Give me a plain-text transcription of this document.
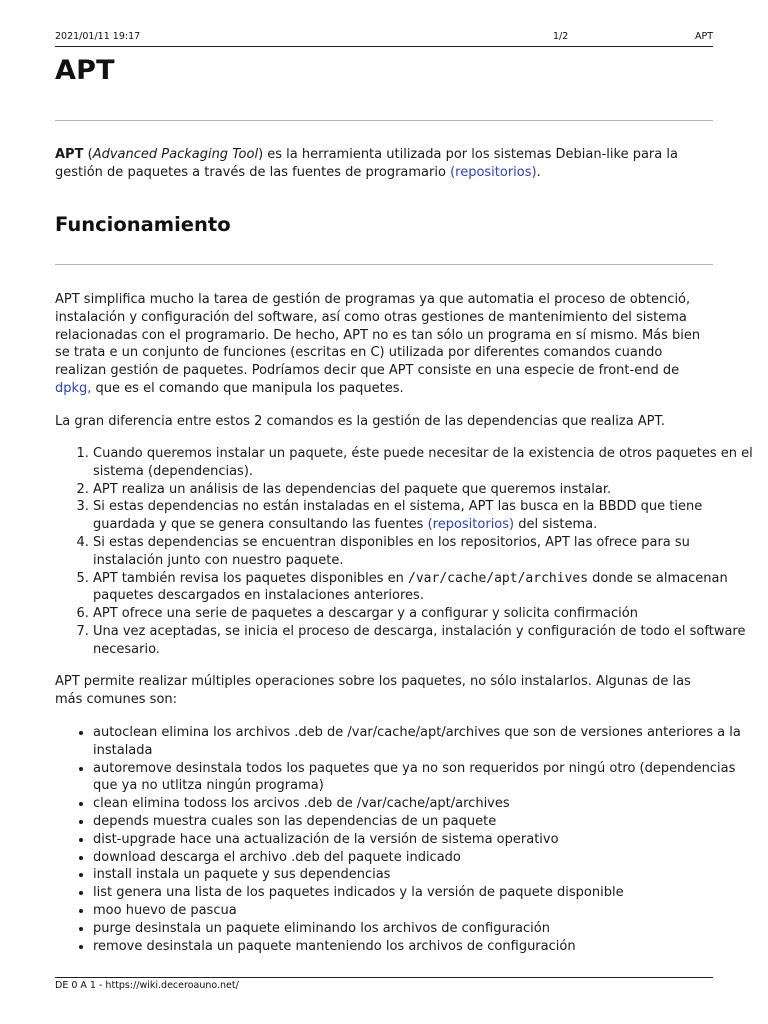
2021/01/11 19:17	1/2	APT
APT

APT (Advanced Packaging Tool) es la herramienta utilizada por los sistemas Debian-like para la gestión de paquetes a través de las fuentes de programario (repositorios).

Funcionamiento

APT simplifica mucho la tarea de gestión de programas ya que automatia el proceso de obtenció, instalación y configuración del software, así como otras gestiones de mantenimiento del sistema relacionadas con el programario. De hecho, APT no es tan sólo un programa en sí mismo. Más bien se trata e un conjunto de funciones (escritas en C) utilizada por diferentes comandos cuando realizan gestión de paquetes. Podríamos decir que APT consiste en una especie de front-end de dpkg, que es el comando que manipula los paquetes.

La gran diferencia entre estos 2 comandos es la gestión de las dependencias que realiza APT.

1. Cuando queremos instalar un paquete, éste puede necesitar de la existencia de otros paquetes en el sistema (dependencias).
2. APT realiza un análisis de las dependencias del paquete que queremos instalar.
3. Si estas dependencias no están instaladas en el sistema, APT las busca en la BBDD que tiene guardada y que se genera consultando las fuentes (repositorios) del sistema.
4. Si estas dependencias se encuentran disponibles en los repositorios, APT las ofrece para su instalación junto con nuestro paquete.
5. APT también revisa los paquetes disponibles en /var/cache/apt/archives donde se almacenan paquetes descargados en instalaciones anteriores.
6. APT ofrece una serie de paquetes a descargar y a configurar y solicita confirmación
7. Una vez aceptadas, se inicia el proceso de descarga, instalación y configuración de todo el software necesario.

APT permite realizar múltiples operaciones sobre los paquetes, no sólo instalarlos. Algunas de las más comunes son:

• autoclean elimina los archivos .deb de /var/cache/apt/archives que son de versiones anteriores a la instalada
• autoremove desinstala todos los paquetes que ya no son requeridos por ningú otro (dependencias que ya no utlitza ningún programa)
• clean elimina todoss los arcivos .deb de /var/cache/apt/archives
• depends muestra cuales son las dependencias de un paquete
• dist-upgrade hace una actualización de la versión de sistema operativo
• download descarga el archivo .deb del paquete indicado
• install instala un paquete y sus dependencias
• list genera una lista de los paquetes indicados y la versión de paquete disponible
• moo huevo de pascua
• purge desinstala un paquete eliminando los archivos de configuración
• remove desinstala un paquete manteniendo los archivos de configuración
DE 0 A 1 - https://wiki.deceroauno.net/
